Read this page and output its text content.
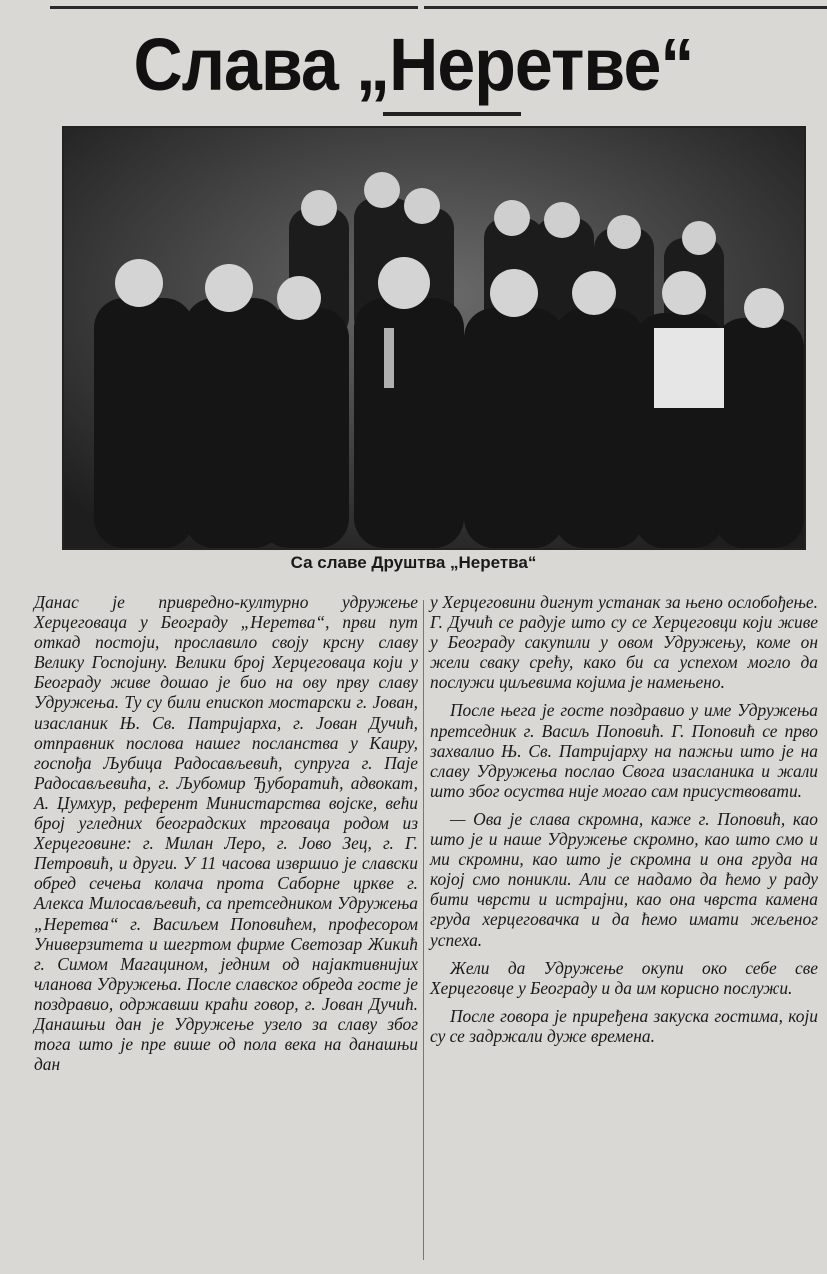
Слава „Неретве“
Са славе Друштва „Неретва“

Данас је привредно-културно удружење Херцеговаца у Београду „Неретва“, први пут откад постоји, прославило своју крсну славу Велику Госпојину. Велики број Херцеговаца који у Београду живе дошао је био на ову прву славу Удружења. Ту су били епископ мостарски г. Јован, изасланик Њ. Св. Патријарха, г. Јован Дучић, отправник послова нашег посланства у Каиру, госпођа Љубица Радосављевић, супруга г. Паје Радосављевића, г. Љубомир Ђуборатић, адвокат, А. Џумхур, референт Министарства војске, већи број угледних београдских трговаца родом из Херцеговине: г. Милан Леро, г. Јово Зец, г. Г. Петровић, и други. У 11 часова извршио је славски обред сечења колача прота Саборне цркве г. Алекса Милосављевић, са претседником Удружења „Неретва“ г. Васиљем Поповићем, професором Универзитета и шегртом фирме Светозар Жикић г. Симом Магацином, једним од најактивнијих чланова Удружења. После славског обреда госте је поздравио, одржавши краћи говор, г. Јован Дучић. Данашњи дан је Удружење узело за славу због тога што је пре више од пола века на данашњи дан

у Херцеговини дигнут устанак за њено ослобођење. Г. Дучић се радује што су се Херцеговци који живе у Београду сакупили у овом Удружењу, коме он жели сваку срећу, како би са успехом могло да послужи циљевима којима је намењено.

После њега је госте поздравио у име Удружења претседник г. Васиљ Поповић. Г. Поповић се прво захвалио Њ. Св. Патријарху на пажњи што је на славу Удружења послао Свога изасланика и жали што због осуства није могао сам присуствовати.

— Ова је слава скромна, каже г. Поповић, као што је и наше Удружење скромно, као што смо и ми скромни, као што је скромна и она груда на којој смо поникли. Али се надамо да ћемо у раду бити чврсти и истрајни, као она чврста камена груда херцеговачка и да ћемо имати жељеног успеха.

Жели да Удружење окупи око себе све Херцеговце у Београду и да им корисно послужи.

После говора је приређена закуска гостима, који су се задржали дуже времена.
